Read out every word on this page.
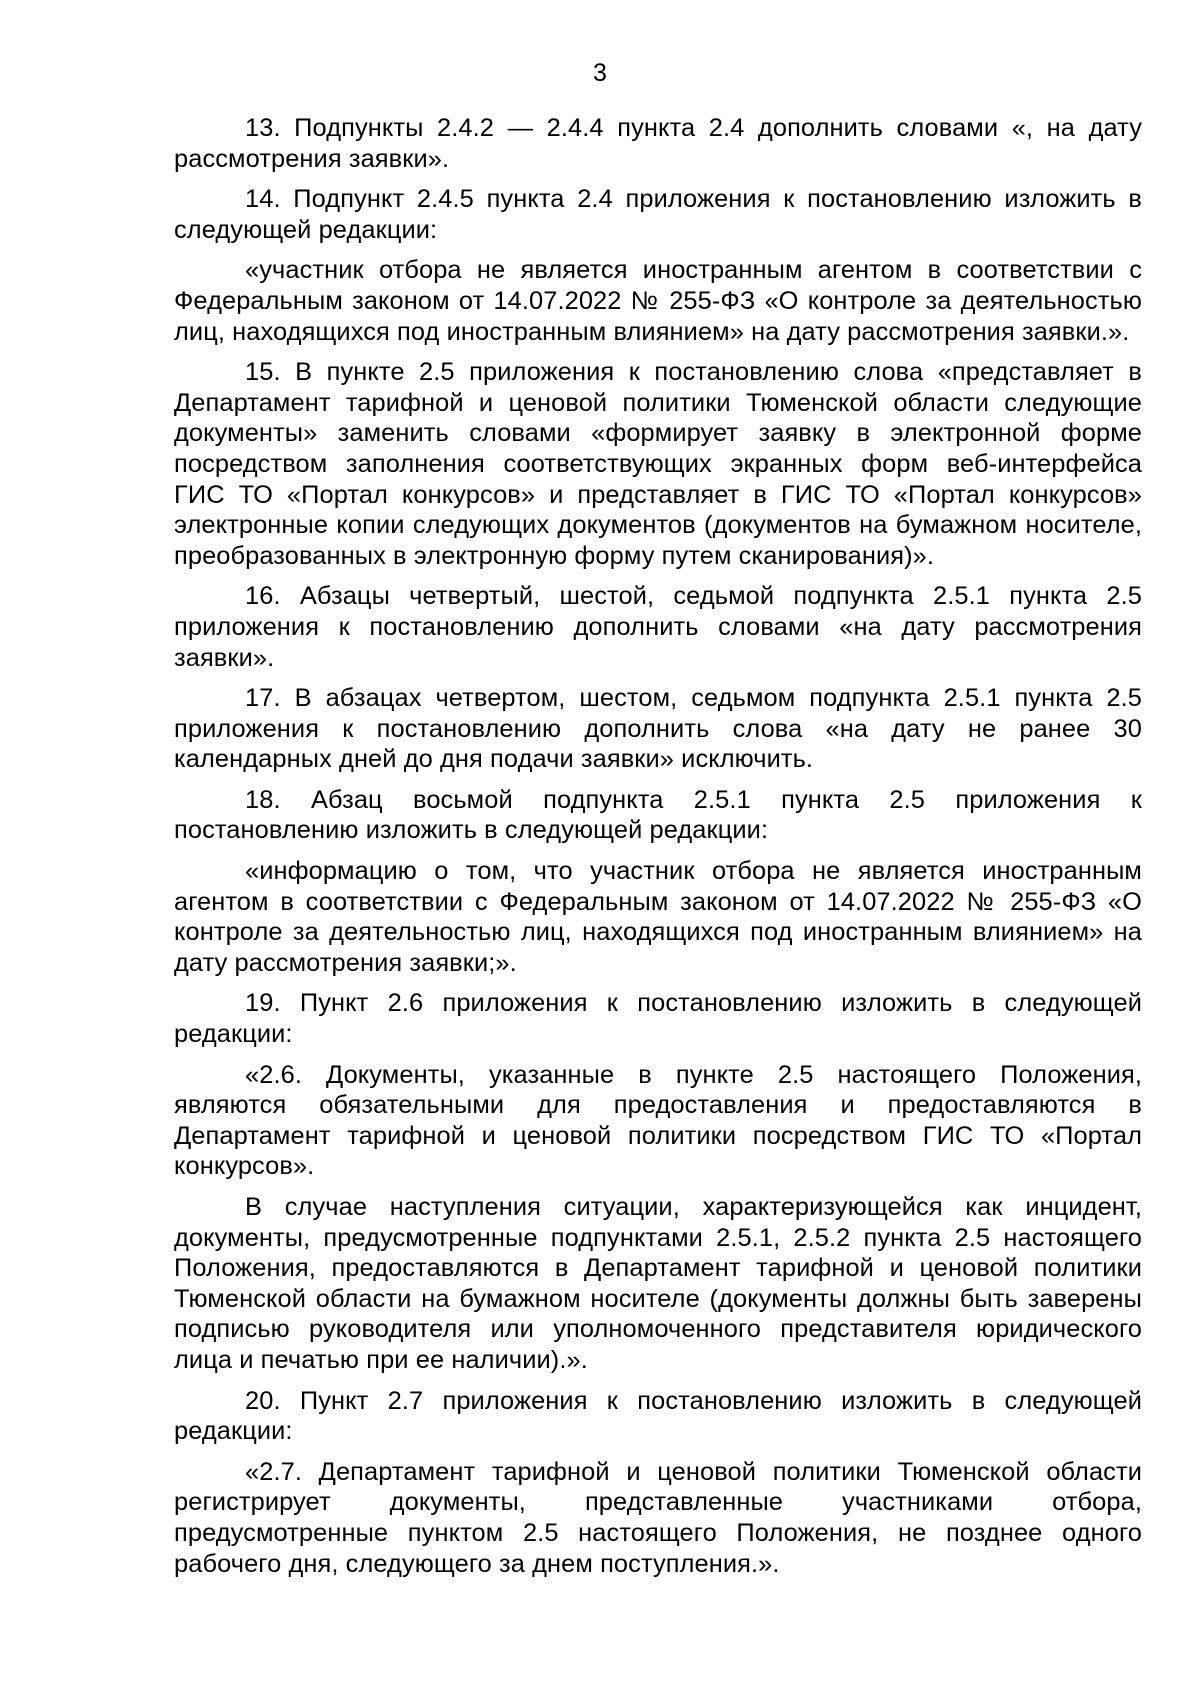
3

13. Подпункты 2.4.2 — 2.4.4 пункта 2.4 дополнить словами «, на дату рассмотрения заявки».

14. Подпункт 2.4.5 пункта 2.4 приложения к постановлению изложить в следующей редакции:

«участник отбора не является иностранным агентом в соответствии с Федеральным законом от 14.07.2022 № 255-ФЗ «О контроле за деятельностью лиц, находящихся под иностранным влиянием» на дату рассмотрения заявки.».

15. В пункте 2.5 приложения к постановлению слова «представляет в Департамент тарифной и ценовой политики Тюменской области следующие документы» заменить словами «формирует заявку в электронной форме посредством заполнения соответствующих экранных форм веб-интерфейса ГИС ТО «Портал конкурсов» и представляет в ГИС ТО «Портал конкурсов» электронные копии следующих документов (документов на бумажном носителе, преобразованных в электронную форму путем сканирования)».

16. Абзацы четвертый, шестой, седьмой подпункта 2.5.1 пункта 2.5 приложения к постановлению дополнить словами «на дату рассмотрения заявки».

17. В абзацах четвертом, шестом, седьмом подпункта 2.5.1 пункта 2.5 приложения к постановлению дополнить слова «на дату не ранее 30 календарных дней до дня подачи заявки» исключить.

18. Абзац восьмой подпункта 2.5.1 пункта 2.5 приложения к постановлению изложить в следующей редакции:

«информацию о том, что участник отбора не является иностранным агентом в соответствии с Федеральным законом от 14.07.2022 № 255-ФЗ «О контроле за деятельностью лиц, находящихся под иностранным влиянием» на дату рассмотрения заявки;».

19. Пункт 2.6 приложения к постановлению изложить в следующей редакции:

«2.6. Документы, указанные в пункте 2.5 настоящего Положения, являются обязательными для предоставления и предоставляются в Департамент тарифной и ценовой политики посредством ГИС ТО «Портал конкурсов».

В случае наступления ситуации, характеризующейся как инцидент, документы, предусмотренные подпунктами 2.5.1, 2.5.2 пункта 2.5 настоящего Положения, предоставляются в Департамент тарифной и ценовой политики Тюменской области на бумажном носителе (документы должны быть заверены подписью руководителя или уполномоченного представителя юридического лица и печатью при ее наличии).».

20. Пункт 2.7 приложения к постановлению изложить в следующей редакции:

«2.7. Департамент тарифной и ценовой политики Тюменской области регистрирует документы, представленные участниками отбора, предусмотренные пунктом 2.5 настоящего Положения, не позднее одного рабочего дня, следующего за днем поступления.».
